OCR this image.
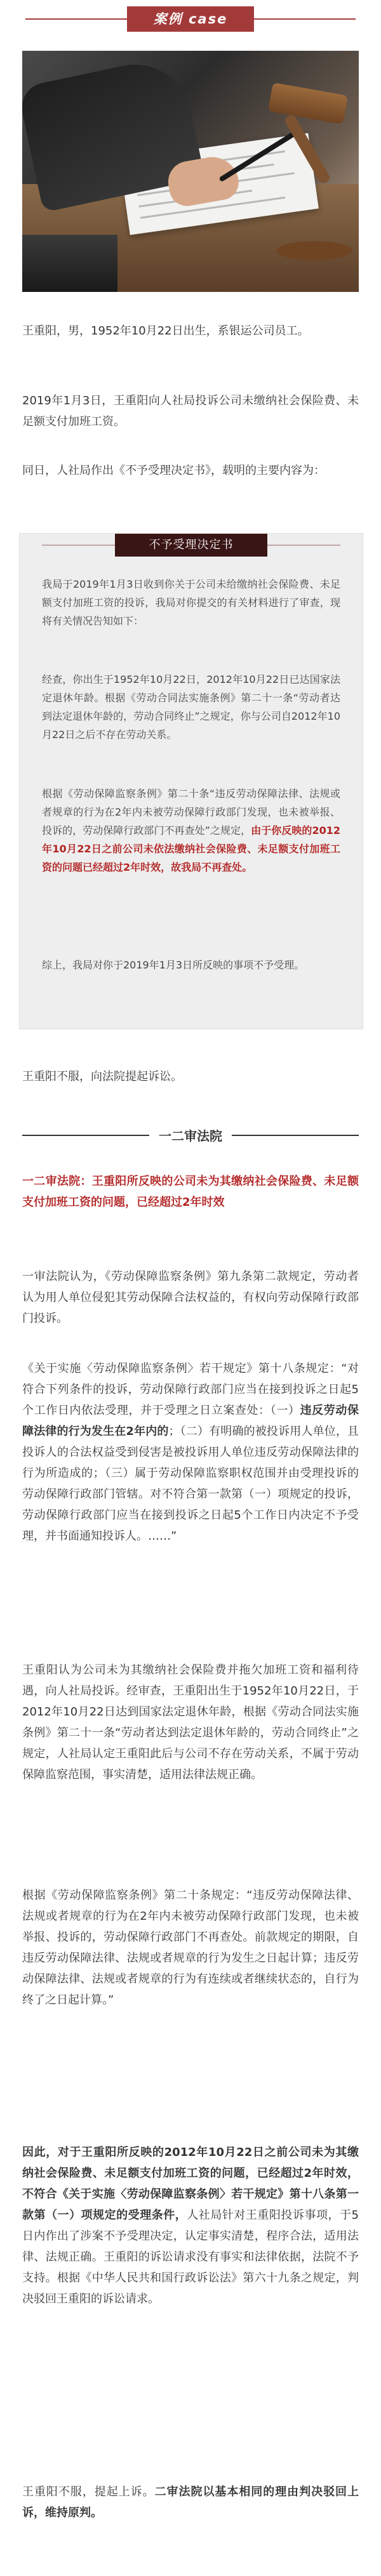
案例 case

王重阳，男，1952年10月22日出生，系银运公司员工。

2019年1月3日，王重阳向人社局投诉公司未缴纳社会保险费、未足额支付加班工资。

同日，人社局作出《不予受理决定书》，载明的主要内容为：

不予受理决定书

我局于2019年1月3日收到你关于公司未给缴纳社会保险费、未足额支付加班工资的投诉，我局对你提交的有关材料进行了审查，现将有关情况告知如下：

经查，你出生于1952年10月22日，2012年10月22日已达国家法定退休年龄。根据《劳动合同法实施条例》第二十一条“劳动者达到法定退休年龄的，劳动合同终止”之规定，你与公司自2012年10月22日之后不存在劳动关系。

根据《劳动保障监察条例》第二十条“违反劳动保障法律、法规或者规章的行为在2年内未被劳动保障行政部门发现，也未被举报、投诉的，劳动保障行政部门不再查处”之规定，由于你反映的2012年10月22日之前公司未依法缴纳社会保险费、未足额支付加班工资的问题已经超过2年时效，故我局不再查处。

综上，我局对你于2019年1月3日所反映的事项不予受理。

王重阳不服，向法院提起诉讼。

一二审法院

一二审法院：王重阳所反映的公司未为其缴纳社会保险费、未足额支付加班工资的问题，已经超过2年时效

一审法院认为，《劳动保障监察条例》第九条第二款规定，劳动者认为用人单位侵犯其劳动保障合法权益的，有权向劳动保障行政部门投诉。

《关于实施〈劳动保障监察条例〉若干规定》第十八条规定：“对符合下列条件的投诉，劳动保障行政部门应当在接到投诉之日起5个工作日内依法受理，并于受理之日立案查处：（一）违反劳动保障法律的行为发生在2年内的；（二）有明确的被投诉用人单位，且投诉人的合法权益受到侵害是被投诉用人单位违反劳动保障法律的行为所造成的；（三）属于劳动保障监察职权范围并由受理投诉的劳动保障行政部门管辖。对不符合第一款第（一）项规定的投诉，劳动保障行政部门应当在接到投诉之日起5个工作日内决定不予受理，并书面通知投诉人。……”

王重阳认为公司未为其缴纳社会保险费并拖欠加班工资和福利待遇，向人社局投诉。经审查，王重阳出生于1952年10月22日，于2012年10月22日达到国家法定退休年龄，根据《劳动合同法实施条例》第二十一条“劳动者达到法定退休年龄的，劳动合同终止”之规定，人社局认定王重阳此后与公司不存在劳动关系，不属于劳动保障监察范围，事实清楚，适用法律法规正确。

根据《劳动保障监察条例》第二十条规定：“违反劳动保障法律、法规或者规章的行为在2年内未被劳动保障行政部门发现，也未被举报、投诉的，劳动保障行政部门不再查处。前款规定的期限，自违反劳动保障法律、法规或者规章的行为发生之日起计算；违反劳动保障法律、法规或者规章的行为有连续或者继续状态的，自行为终了之日起计算。”

因此，对于王重阳所反映的2012年10月22日之前公司未为其缴纳社会保险费、未足额支付加班工资的问题，已经超过2年时效，不符合《关于实施〈劳动保障监察条例〉若干规定》第十八条第一款第（一）项规定的受理条件，人社局针对王重阳投诉事项，于5日内作出了涉案不予受理决定，认定事实清楚，程序合法，适用法律、法规正确。王重阳的诉讼请求没有事实和法律依据，法院不予支持。根据《中华人民共和国行政诉讼法》第六十九条之规定，判决驳回王重阳的诉讼请求。

王重阳不服，提起上诉。二审法院以基本相同的理由判决驳回上诉，维持原判。
